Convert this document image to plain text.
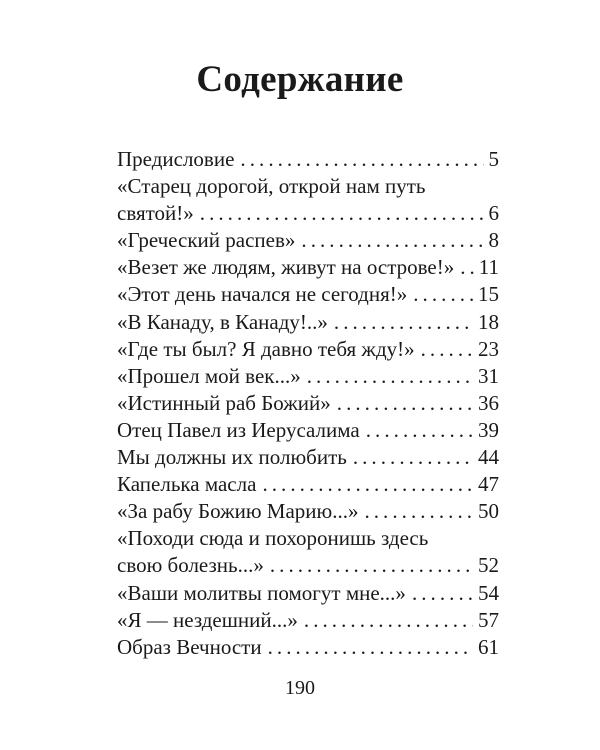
Содержание
Предисловие . . .	5
«Старец дорогой, открой нам путь
святой!» . . .	6
«Греческий распев» . . .	8
«Везет же людям, живут на острове!» . . . 11
«Этот день начался не сегодня!» . . .	15
«В Канаду, в Канаду!..» . . .	18
«Где ты был? Я давно тебя жду!» . . .	23
«Прошел мой век...» . . .	31
«Истинный раб Божий» . . .	36
Отец Павел из Иерусалима . . .	39
Мы должны их полюбить . . .	44
Капелька масла . . .	47
«За рабу Божию Марию...» . . .	50
«Походи сюда и похоронишь здесь
свою болезнь...» . . .	52
«Ваши молитвы помогут мне...» . . .	54
«Я — нездешний...» . . .	57
Образ Вечности . . .	61
190
